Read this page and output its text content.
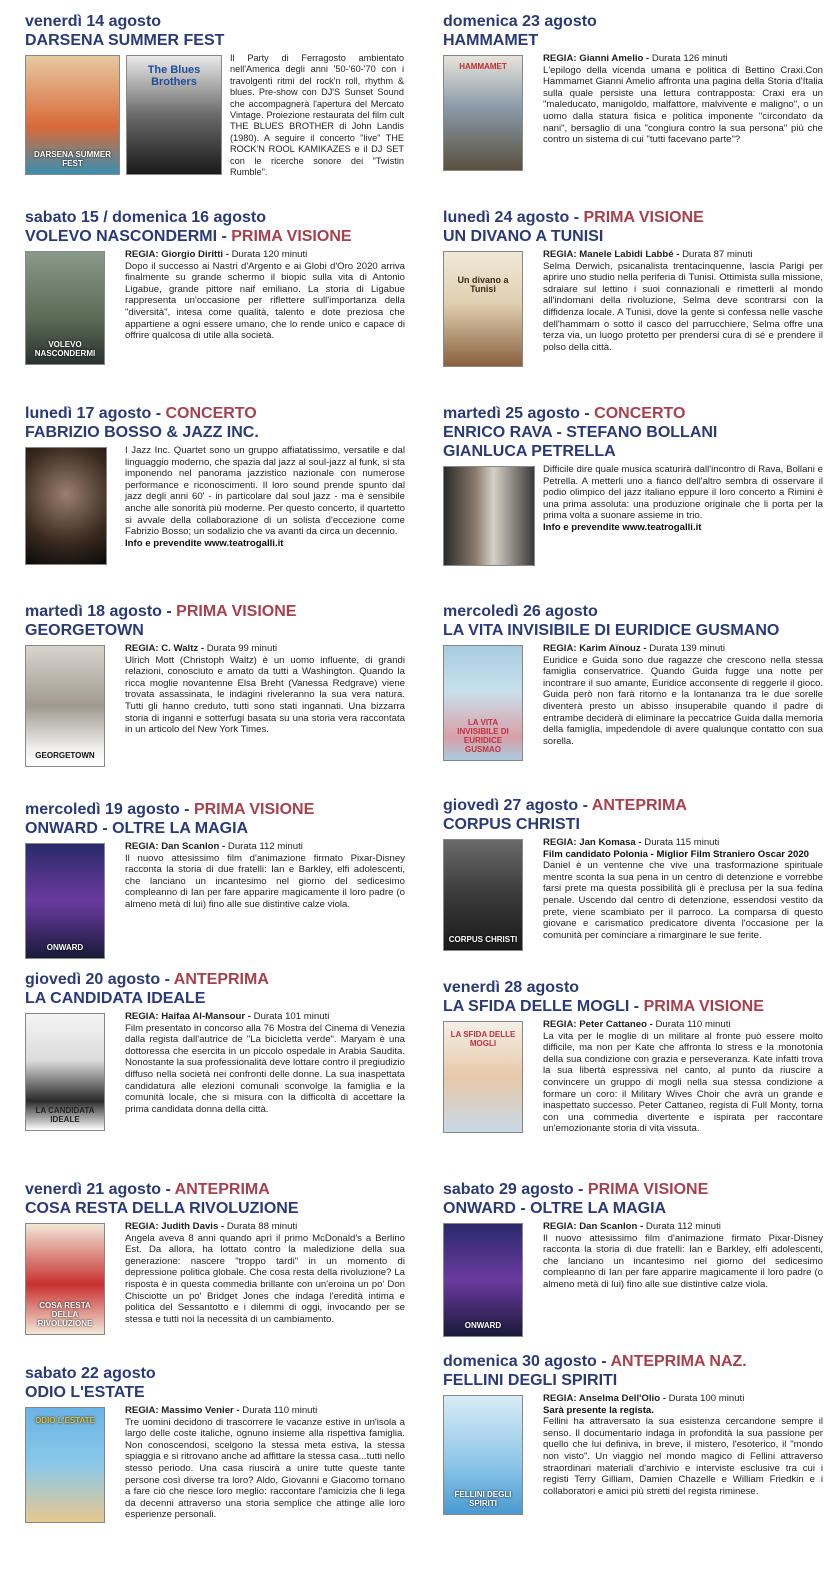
venerdì 14 agosto
DARSENA SUMMER FEST
DARSENA SUMMER FEST
The Blues Brothers
Il Party di Ferragosto ambientato nell'America degli anni '50-'60-'70 con i travolgenti ritmi del rock'n roll, rhythm & blues. Pre-show con DJ'S Sunset Sound che accompagnerà l'apertura del Mercato Vintage. Proiezione restaurata del film cult THE BLUES BROTHER di John Landis (1980). A seguire il concerto "live" THE ROCK'N ROOL KAMIKAZES e il DJ SET con le ricerche sonore dei "Twistin Rumble".
sabato 15 / domenica 16 agosto
VOLEVO NASCONDERMI - PRIMA VISIONE
VOLEVO NASCONDERMI
REGIA: Giorgio Diritti - Durata 120 minuti
Dopo il successo ai Nastri d'Argento e ai Globi d'Oro 2020 arriva finalmente su grande schermo il biopic sulla vita di Antonio Ligabue, grande pittore naif emiliano. La storia di Ligabue rappresenta un'occasione per riflettere sull'importanza della "diversità", intesa come qualità, talento e dote preziosa che appartiene a ogni essere umano, che lo rende unico e capace di offrire qualcosa di utile alla società.
lunedì 17 agosto - CONCERTO
FABRIZIO BOSSO & JAZZ INC.
I Jazz Inc. Quartet sono un gruppo affiatatissimo, versatile e dal linguaggio moderno, che spazia dal jazz al soul-jazz al funk, si sta imponendo nel panorama jazzistico nazionale con numerose performance e riconoscimenti. Il loro sound prende spunto dal jazz degli anni 60' - in particolare dal soul jazz - ma è sensibile anche alle sonorità più moderne. Per questo concerto, il quartetto si avvale della collaborazione di un solista d'eccezione come Fabrizio Bosso; un sodalizio che va avanti da circa un decennio.
Info e prevendite www.teatrogalli.it
martedì 18 agosto - PRIMA VISIONE
GEORGETOWN
GEORGETOWN
REGIA: C. Waltz - Durata 99 minuti
Ulrich Mott (Christoph Waltz) è un uomo influente, di grandi relazioni, conosciuto e amato da tutti a Washington. Quando la ricca moglie novantenne Elsa Breht (Vanessa Redgrave) viene trovata assassinata, le indagini riveleranno la sua vera natura. Tutti gli hanno creduto, tutti sono stati ingannati. Una bizzarra storia di inganni e sotterfugi basata su una storia vera raccontata in un articolo del New York Times.
mercoledì 19 agosto - PRIMA VISIONE
ONWARD - OLTRE LA MAGIA
ONWARD
REGIA: Dan Scanlon - Durata 112 minuti
Il nuovo attesissimo film d'animazione firmato Pixar-Disney racconta la storia di due fratelli: Ian e Barkley, elfi adolescenti, che lanciano un incantesimo nel giorno del sedicesimo compleanno di Ian per fare apparire magicamente il loro padre (o almeno metà di lui) fino alle sue distintive calze viola.
giovedì 20 agosto - ANTEPRIMA
LA CANDIDATA IDEALE
LA CANDIDATA IDEALE
REGIA: Haifaa Al-Mansour - Durata 101 minuti
Film presentato in concorso alla 76 Mostra del Cinema di Venezia dalla regista dall'autrice de "La bicicletta verde". Maryam è una dottoressa che esercita in un piccolo ospedale in Arabia Saudita. Nonostante la sua professionalità deve lottare contro il pregiudizio diffuso nella società nei confronti delle donne. La sua inaspettata candidatura alle elezioni comunali sconvolge la famiglia e la comunità locale, che si misura con la difficoltà di accettare la prima candidata donna della città.
venerdì 21 agosto - ANTEPRIMA
COSA RESTA DELLA RIVOLUZIONE
COSA RESTA DELLA RIVOLUZIONE
REGIA: Judith Davis - Durata 88 minuti
Angela aveva 8 anni quando aprì il primo McDonald's a Berlino Est. Da allora, ha lottato contro la maledizione della sua generazione: nascere "troppo tardi" in un momento di depressione politica globale. Che cosa resta della rivoluzione? La risposta è in questa commedia brillante con un'eroina un po' Don Chisciotte un po' Bridget Jones che indaga l'eredità intima e politica del Sessantotto e i dilemmi di oggi, invocando per se stessa e tutti noi la necessità di un cambiamento.
sabato 22 agosto
ODIO L'ESTATE
ODIO L'ESTATE
REGIA: Massimo Venier - Durata 110 minuti
Tre uomini decidono di trascorrere le vacanze estive in un'isola a largo delle coste italiche, ognuno insieme alla rispettiva famiglia. Non conoscendosi, scelgono la stessa meta estiva, la stessa spiaggia e si ritrovano anche ad affittare la stessa casa...tutti nello stesso periodo. Una casa riuscirà a unire tutte queste tante persone così diverse tra loro? Aldo, Giovanni e Giacomo tornano a fare ciò che riesce loro meglio: raccontare l'amicizia che li lega da decenni attraverso una storia semplice che attinge alle loro esperienze personali.
domenica 23 agosto
HAMMAMET
HAMMAMET
REGIA: Gianni Amelio - Durata 126 minuti
L'epilogo della vicenda umana e politica di Bettino Craxi.Con Hammamet Gianni Amelio affronta una pagina della Storia d'Italia sulla quale persiste una lettura contrapposta: Craxi era un "maleducato, manigoldo, malfattore, malvivente e maligno", o un uomo dalla statura fisica e politica imponente "circondato da nani", bersaglio di una "congiura contro la sua persona" più che contro un sistema di cui "tutti facevano parte"?
lunedì 24 agosto - PRIMA VISIONE
UN DIVANO A TUNISI
Un divano a Tunisi
REGIA: Manele Labidi Labbé - Durata 87 minuti
Selma Derwich, psicanalista trentacinquenne, lascia Parigi per aprire uno studio nella periferia di Tunisi. Ottimista sulla missione, sdraiare sul lettino i suoi connazionali e rimetterli al mondo all'indomani della rivoluzione, Selma deve scontrarsi con la diffidenza locale. A Tunisi, dove la gente si confessa nelle vasche dell'hammam o sotto il casco del parrucchiere, Selma offre una terza via, un luogo protetto per prendersi cura di sé e prendere il polso della città.
martedì 25 agosto - CONCERTO
ENRICO RAVA - STEFANO BOLLANI
GIANLUCA PETRELLA
Difficile dire quale musica scaturirà dall'incontro di Rava, Bollani e Petrella. A metterli uno a fianco dell'altro sembra di osservare il podio olimpico del jazz italiano eppure il loro concerto a Rimini è una prima assoluta: una produzione originale che li porta per la prima volta a suonare assieme in trio.
Info e prevendite www.teatrogalli.it
mercoledì 26 agosto
LA VITA INVISIBILE DI EURIDICE GUSMANO
LA VITA INVISIBILE DI EURIDICE GUSMAO
REGIA: Karim Aïnouz - Durata 139 minuti
Euridice e Guida sono due ragazze che crescono nella stessa famiglia conservatrice. Quando Guida fugge una notte per incontrare il suo amante, Euridice acconsente di reggerle il gioco. Guida però non farà ritorno e la lontananza tra le due sorelle diventerà presto un abisso insuperabile quando il padre di entrambe deciderà di eliminare la peccatrice Guida dalla memoria della famiglia, impedendole di avere qualunque contatto con sua sorella.
giovedì 27 agosto - ANTEPRIMA
CORPUS CHRISTI
CORPUS CHRISTI
REGIA: Jan Komasa - Durata 115 minuti
Film candidato Polonia - Miglior Film Straniero Oscar 2020
Daniel è un ventenne che vive una trasformazione spirituale mentre sconta la sua pena in un centro di detenzione e vorrebbe farsi prete ma questa possibilità gli è preclusa per la sua fedina penale. Uscendo dal centro di detenzione, essendosi vestito da prete, viene scambiato per il parroco. La comparsa di questo giovane e carismatico predicatore diventa l'occasione per la comunità per cominciare a rimarginare le sue ferite.
venerdì 28 agosto
LA SFIDA DELLE MOGLI - PRIMA VISIONE
LA SFIDA DELLE MOGLI
REGIA: Peter Cattaneo - Durata 110 minuti
La vita per le moglie di un militare al fronte può essere molto difficile, ma non per Kate che affronta lo stress e la monotonia della sua condizione con grazia e perseveranza. Kate infatti trova la sua libertà espressiva nel canto, al punto da riuscire a convincere un gruppo di mogli nella sua stessa condizione a formare un coro: il Military Wives Choir che avrà un grande e inaspettato successo. Peter Cattaneo, regista di Full Monty, torna con una commedia divertente e ispirata per raccontare un'emozionante storia di vita vissuta.
sabato 29 agosto - PRIMA VISIONE
ONWARD - OLTRE LA MAGIA
ONWARD
REGIA: Dan Scanlon - Durata 112 minuti
Il nuovo attesissimo film d'animazione firmato Pixar-Disney racconta la storia di due fratelli: Ian e Barkley, elfi adolescenti, che lanciano un incantesimo nel giorno del sedicesimo compleanno di Ian per fare apparire magicamente il loro padre (o almeno metà di lui) fino alle sue distintive calze viola.
domenica 30 agosto - ANTEPRIMA NAZ.
FELLINI DEGLI SPIRITI
FELLINI DEGLI SPIRITI
REGIA: Anselma Dell'Olio - Durata 100 minuti
Sarà presente la regista.
Fellini ha attraversato la sua esistenza cercandone sempre il senso. Il documentario indaga in profondità la sua passione per quello che lui definiva, in breve, il mistero, l'esoterico, il "mondo non visto". Un viaggio nel mondo magico di Fellini attraverso straordinari materiali d'archivio e interviste esclusive tra cui i registi Terry Gilliam, Damien Chazelle e William Friedkin e i collaboratori e amici più stretti del regista riminese.
